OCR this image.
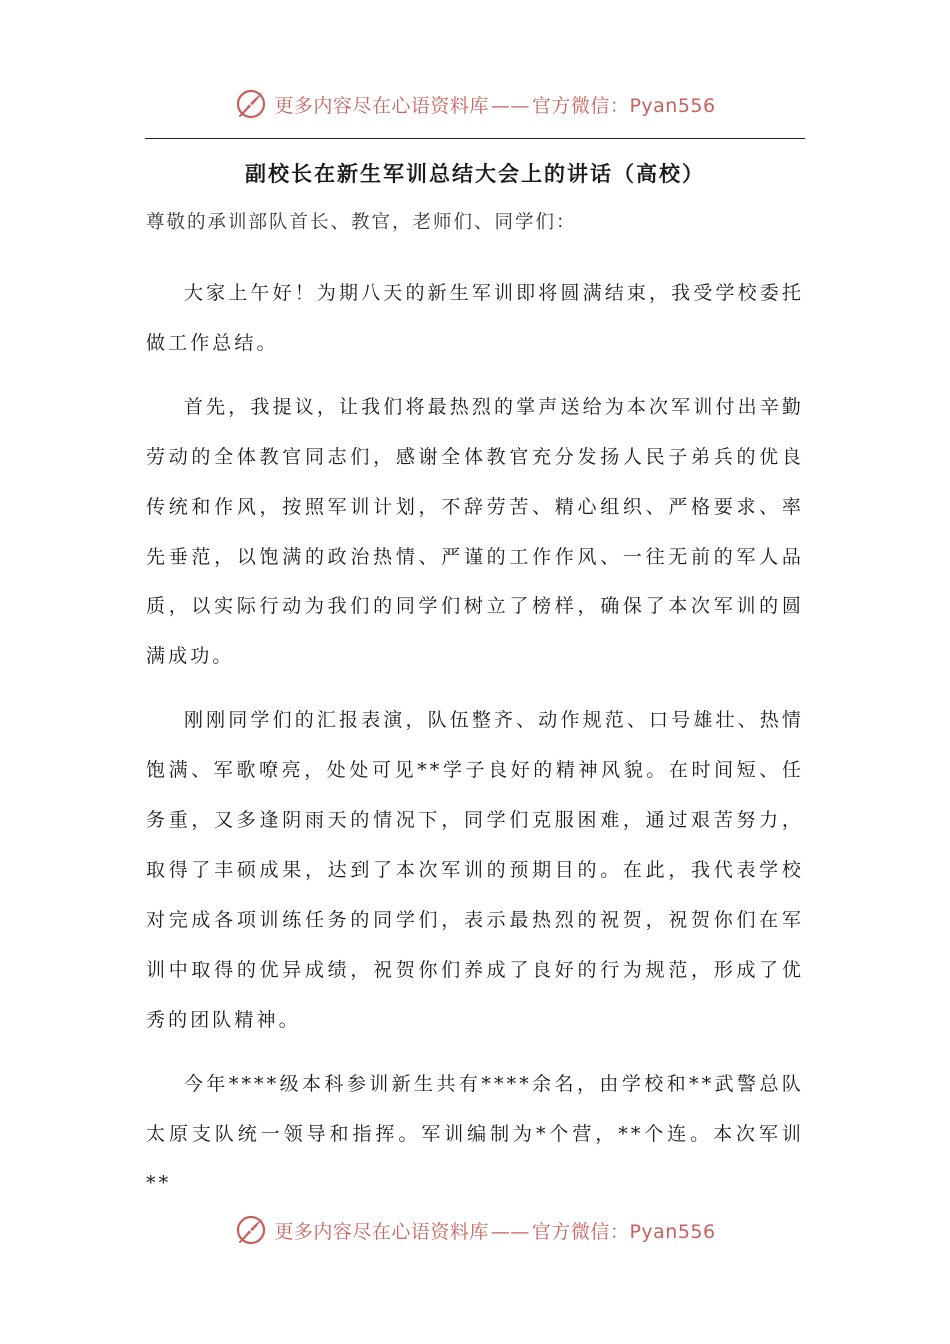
更多内容尽在心语资料库 —— 官方微信：Pyan556
副校长在新生军训总结大会上的讲话（高校）

尊敬的承训部队首长、教官，老师们、同学们：

大家上午好！为期八天的新生军训即将圆满结束，我受学校委托做工作总结。

首先，我提议，让我们将最热烈的掌声送给为本次军训付出辛勤劳动的全体教官同志们，感谢全体教官充分发扬人民子弟兵的优良传统和作风，按照军训计划，不辞劳苦、精心组织、严格要求、率先垂范，以饱满的政治热情、严谨的工作作风、一往无前的军人品质，以实际行动为我们的同学们树立了榜样，确保了本次军训的圆满成功。

刚刚同学们的汇报表演，队伍整齐、动作规范、口号雄壮、热情饱满、军歌嘹亮，处处可见**学子良好的精神风貌。在时间短、任务重，又多逢阴雨天的情况下，同学们克服困难，通过艰苦努力，取得了丰硕成果，达到了本次军训的预期目的。在此，我代表学校对完成各项训练任务的同学们，表示最热烈的祝贺，祝贺你们在军训中取得的优异成绩，祝贺你们养成了良好的行为规范，形成了优秀的团队精神。

今年****级本科参训新生共有****余名，由学校和**武警总队太原支队统一领导和指挥。军训编制为*个营，**个连。本次军训**

更多内容尽在心语资料库 —— 官方微信：Pyan556
